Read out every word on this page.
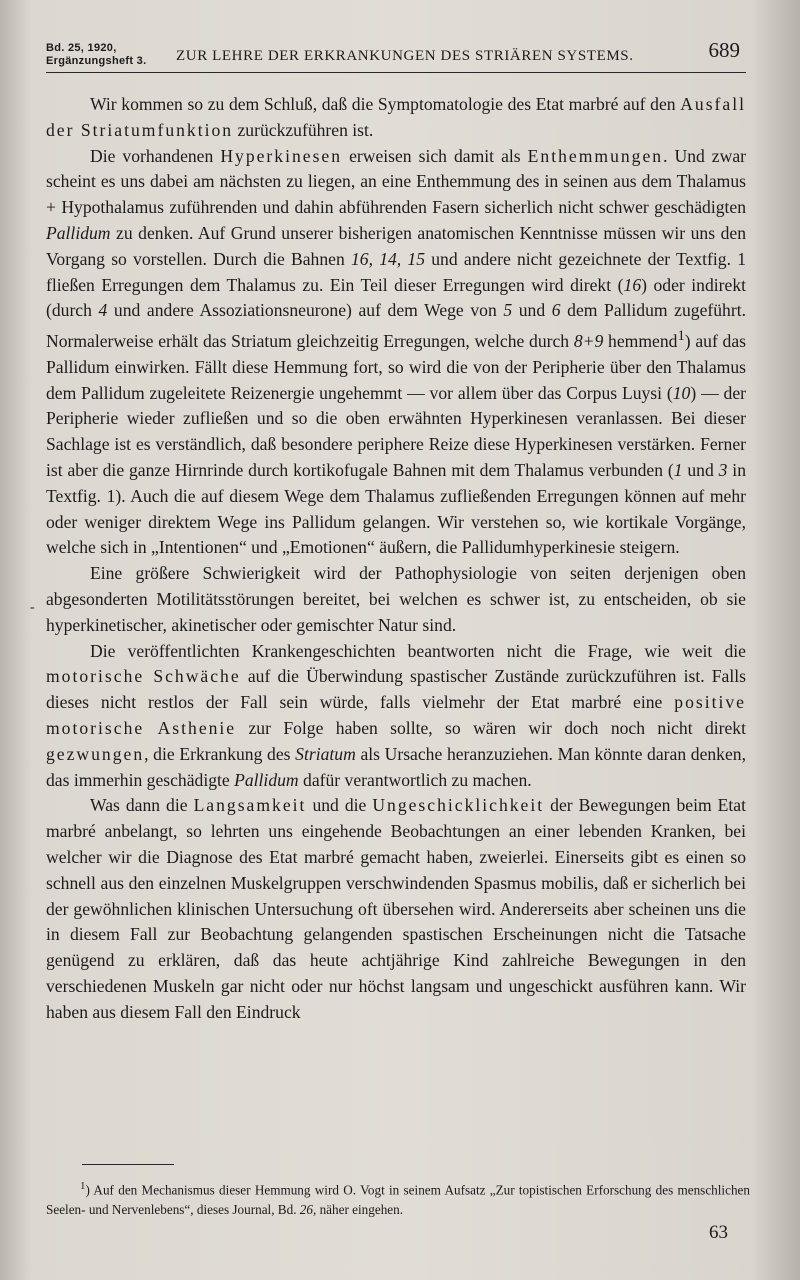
Bd. 25, 1920,
Ergänzungsheft 3. ZUR LEHRE DER ERKRANKUNGEN DES STRIÄREN SYSTEMS.	689
-

Wir kommen so zu dem Schluß, daß die Symptomatologie des Etat marbré auf den Ausfall der Striatumfunktion zurückzuführen ist.

Die vorhandenen Hyperkinesen erweisen sich damit als Enthemmungen. Und zwar scheint es uns dabei am nächsten zu liegen, an eine Enthemmung des in seinen aus dem Thalamus + Hypothalamus zuführenden und dahin abführenden Fasern sicherlich nicht schwer geschädigten Pallidum zu denken. Auf Grund unserer bisherigen anatomischen Kenntnisse müssen wir uns den Vorgang so vorstellen. Durch die Bahnen 16, 14, 15 und andere nicht gezeichnete der Textfig. 1 fließen Erregungen dem Thalamus zu. Ein Teil dieser Erregungen wird direkt (16) oder indirekt (durch 4 und andere Assoziationsneurone) auf dem Wege von 5 und 6 dem Pallidum zugeführt. Normalerweise erhält das Striatum gleichzeitig Erregungen, welche durch 8+9 hemmend$^1$) auf das Pallidum einwirken. Fällt diese Hemmung fort, so wird die von der Peripherie über den Thalamus dem Pallidum zugeleitete Reizenergie ungehemmt — vor allem über das Corpus Luysi (10) — der Peripherie wieder zufließen und so die oben erwähnten Hyperkinesen veranlassen. Bei dieser Sachlage ist es verständlich, daß besondere periphere Reize diese Hyperkinesen verstärken. Ferner ist aber die ganze Hirnrinde durch kortikofugale Bahnen mit dem Thalamus verbunden (1 und 3 in Textfig. 1). Auch die auf diesem Wege dem Thalamus zufließenden Erregungen können auf mehr oder weniger direktem Wege ins Pallidum gelangen. Wir verstehen so, wie kortikale Vorgänge, welche sich in „Intentionen“ und „Emotionen“ äußern, die Pallidumhyperkinesie steigern.

Eine größere Schwierigkeit wird der Pathophysiologie von seiten derjenigen oben abgesonderten Motilitätsstörungen bereitet, bei welchen es schwer ist, zu entscheiden, ob sie hyperkinetischer, akinetischer oder gemischter Natur sind.

Die veröffentlichten Krankengeschichten beantworten nicht die Frage, wie weit die motorische Schwäche auf die Überwindung spastischer Zustände zurückzuführen ist. Falls dieses nicht restlos der Fall sein würde, falls vielmehr der Etat marbré eine positive motorische Asthenie zur Folge haben sollte, so wären wir doch noch nicht direkt gezwungen, die Erkrankung des Striatum als Ursache heranzuziehen. Man könnte daran denken, das immerhin geschädigte Pallidum dafür verantwortlich zu machen.

Was dann die Langsamkeit und die Ungeschicklichkeit der Bewegungen beim Etat marbré anbelangt, so lehrten uns eingehende Beobachtungen an einer lebenden Kranken, bei welcher wir die Diagnose des Etat marbré gemacht haben, zweierlei. Einerseits gibt es einen so schnell aus den einzelnen Muskelgruppen verschwindenden Spasmus mobilis, daß er sicherlich bei der gewöhnlichen klinischen Untersuchung oft übersehen wird. Andererseits aber scheinen uns die in diesem Fall zur Beobachtung gelangenden spastischen Erscheinungen nicht die Tatsache genügend zu erklären, daß das heute achtjährige Kind zahlreiche Bewegungen in den verschiedenen Muskeln gar nicht oder nur höchst langsam und ungeschickt ausführen kann. Wir haben aus diesem Fall den Eindruck

$^1$) Auf den Mechanismus dieser Hemmung wird O. Vogt in seinem Aufsatz „Zur topistischen Erforschung des menschlichen Seelen- und Nervenlebens“, dieses Journal, Bd. 26, näher eingehen.
63
